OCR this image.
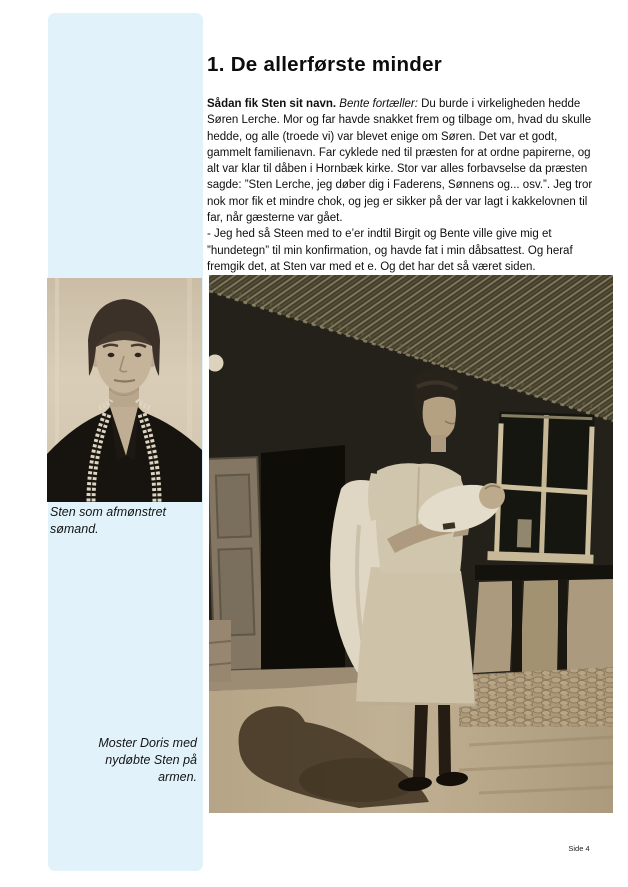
1. De allerførste minder

Sådan fik Sten sit navn. Bente fortæller: Du burde i virkeligheden hedde Søren Lerche. Mor og far havde snakket frem og tilbage om, hvad du skulle hedde, og alle (troede vi) var blevet enige om Søren. Det var et godt, gammelt familienavn. Far cyklede ned til præsten for at ordne papirerne, og alt var klar til dåben i Hornbæk kirke. Stor var alles forbavselse da præsten sagde: ”Sten Lerche, jeg døber dig i Faderens, Sønnens og... osv.”. Jeg tror nok mor fik et mindre chok, og jeg er sikker på der var lagt i kakkelovnen til far, når gæsterne var gået.
- Jeg hed så Steen med to e’er indtil Birgit og Bente ville give mig et ”hundetegn” til min konfirmation, og havde fat i min dåbsattest. Og heraf fremgik det, at Sten var med et e. Og det har det så været siden.

Sten som afmønstret sømand.
Moster Doris med nydøbte Sten på armen.
Side 4
